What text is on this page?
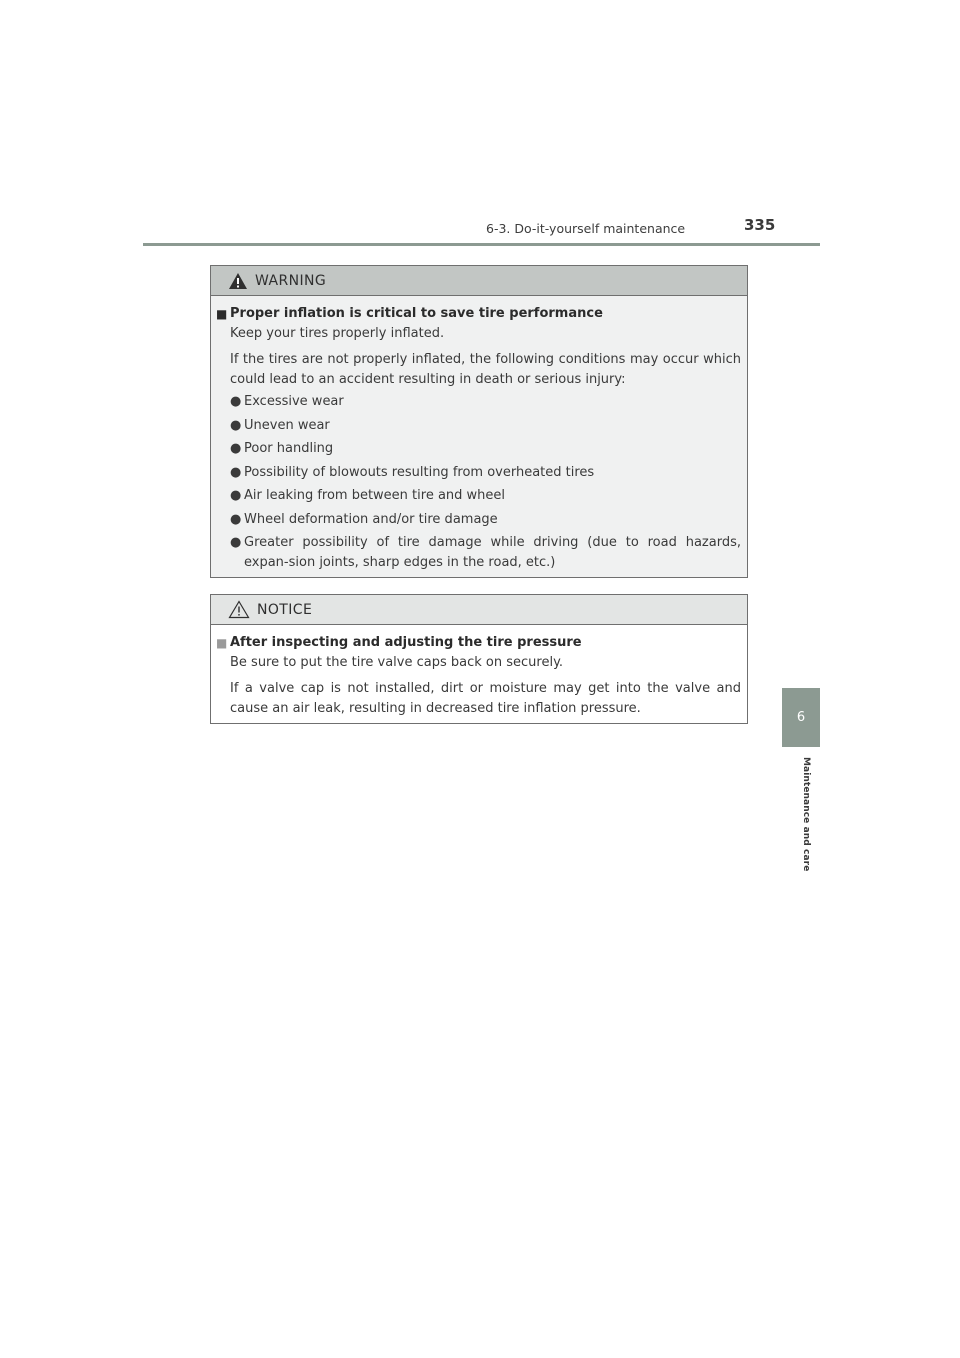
6-3. Do-it-yourself maintenance	335
6
Maintenance and care
WARNING
■ Proper inflation is critical to save tire performance
Keep your tires properly inflated.
If the tires are not properly inflated, the following conditions may occur which could lead to an accident resulting in death or serious injury:
● Excessive wear
● Uneven wear
● Poor handling
● Possibility of blowouts resulting from overheated tires
● Air leaking from between tire and wheel
● Wheel deformation and/or tire damage
● Greater possibility of tire damage while driving (due to road hazards, expan-sion joints, sharp edges in the road, etc.)
NOTICE
■ After inspecting and adjusting the tire pressure
Be sure to put the tire valve caps back on securely.
If a valve cap is not installed, dirt or moisture may get into the valve and cause an air leak, resulting in decreased tire inflation pressure.
